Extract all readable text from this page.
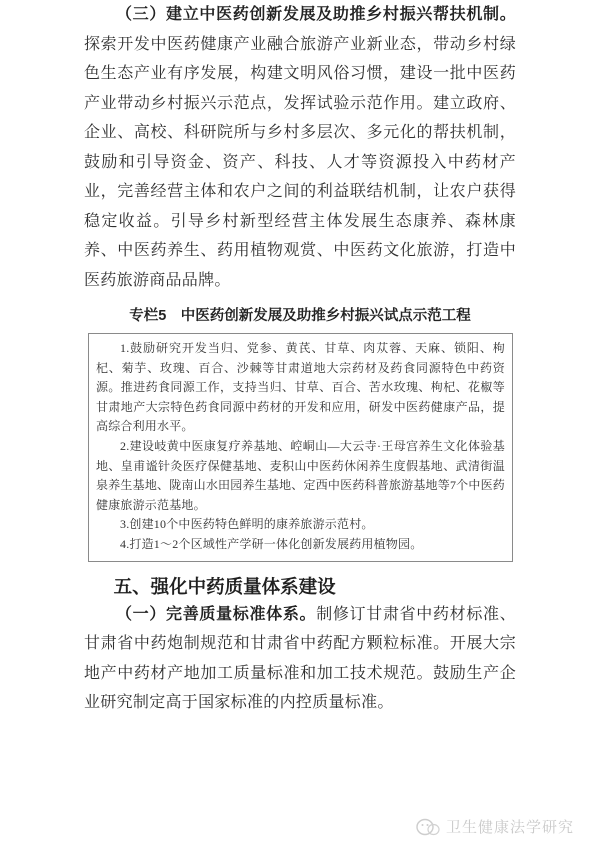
（三）建立中医药创新发展及助推乡村振兴帮扶机制。探索开发中医药健康产业融合旅游产业新业态，带动乡村绿色生态产业有序发展，构建文明风俗习惯，建设一批中医药产业带动乡村振兴示范点，发挥试验示范作用。建立政府、企业、高校、科研院所与乡村多层次、多元化的帮扶机制，鼓励和引导资金、资产、科技、人才等资源投入中药材产业，完善经营主体和农户之间的利益联结机制，让农户获得稳定收益。引导乡村新型经营主体发展生态康养、森林康养、中医药养生、药用植物观赏、中医药文化旅游，打造中医药旅游商品品牌。

专栏5　中医药创新发展及助推乡村振兴试点示范工程

1.鼓励研究开发当归、党参、黄芪、甘草、肉苁蓉、天麻、锁阳、枸杞、菊芋、玫瑰、百合、沙棘等甘肃道地大宗药材及药食同源特色中药资源。推进药食同源工作，支持当归、甘草、百合、苦水玫瑰、枸杞、花椒等甘肃地产大宗特色药食同源中药材的开发和应用，研发中医药健康产品，提高综合利用水平。

2.建设岐黄中医康复疗养基地、崆峒山—大云寺·王母宫养生文化体验基地、皇甫谧针灸医疗保健基地、麦积山中医药休闲养生度假基地、武清街温泉养生基地、陇南山水田园养生基地、定西中医药科普旅游基地等7个中医药健康旅游示范基地。

3.创建10个中医药特色鲜明的康养旅游示范村。

4.打造1～2个区域性产学研一体化创新发展药用植物园。

五、强化中药质量体系建设

（一）完善质量标准体系。制修订甘肃省中药材标准、甘肃省中药炮制规范和甘肃省中药配方颗粒标准。开展大宗地产中药材产地加工质量标准和加工技术规范。鼓励生产企业研究制定高于国家标准的内控质量标准。

卫生健康法学研究
